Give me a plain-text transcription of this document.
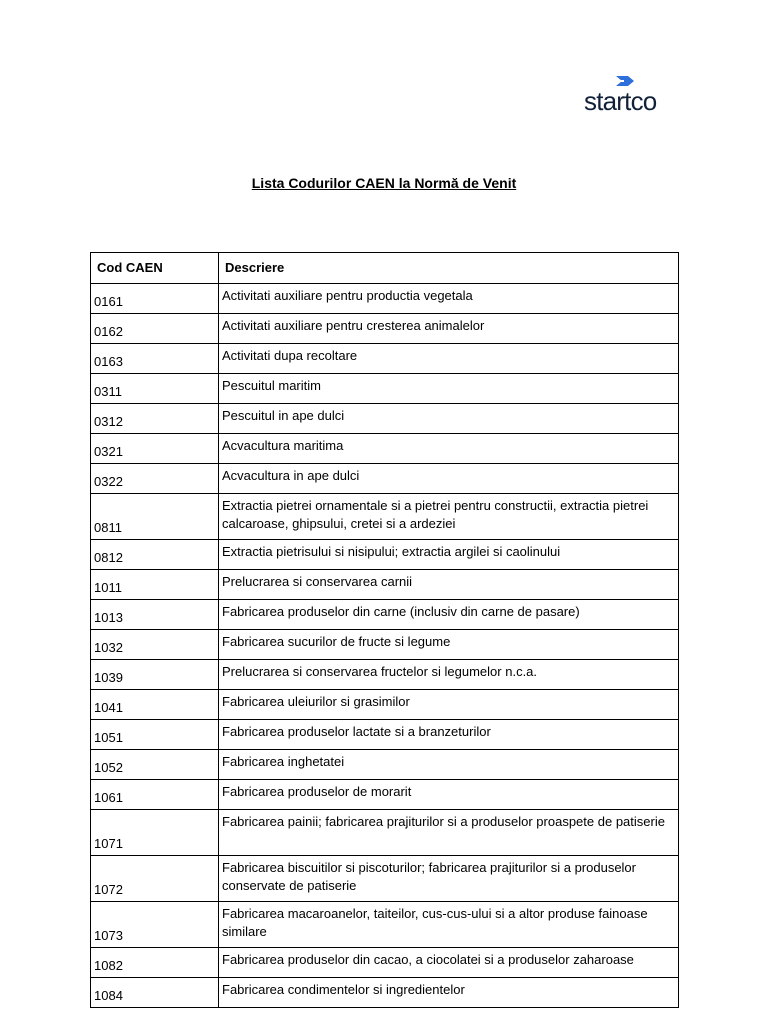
startco
Lista Codurilor CAEN la Normă de Venit
Cod CAEN	Descriere
0161	Activitati auxiliare pentru productia vegetala
0162	Activitati auxiliare pentru cresterea animalelor
0163	Activitati dupa recoltare
0311	Pescuitul maritim
0312	Pescuitul in ape dulci
0321	Acvacultura maritima
0322	Acvacultura in ape dulci
0811	Extractia pietrei ornamentale si a pietrei pentru constructii, extractia pietrei calcaroase, ghipsului, cretei si a ardeziei
0812	Extractia pietrisului si nisipului; extractia argilei si caolinului
1011	Prelucrarea si conservarea carnii
1013	Fabricarea produselor din carne (inclusiv din carne de pasare)
1032	Fabricarea sucurilor de fructe si legume
1039	Prelucrarea si conservarea fructelor si legumelor n.c.a.
1041	Fabricarea uleiurilor si grasimilor
1051	Fabricarea produselor lactate si a branzeturilor
1052	Fabricarea inghetatei
1061	Fabricarea produselor de morarit
1071	Fabricarea painii; fabricarea prajiturilor si a produselor proaspete de patiserie
1072	Fabricarea biscuitilor si piscoturilor; fabricarea prajiturilor si a produselor conservate de patiserie
1073	Fabricarea macaroanelor, taiteilor, cus-cus-ului si a altor produse fainoase similare
1082	Fabricarea produselor din cacao, a ciocolatei si a produselor zaharoase
1084	Fabricarea condimentelor si ingredientelor
